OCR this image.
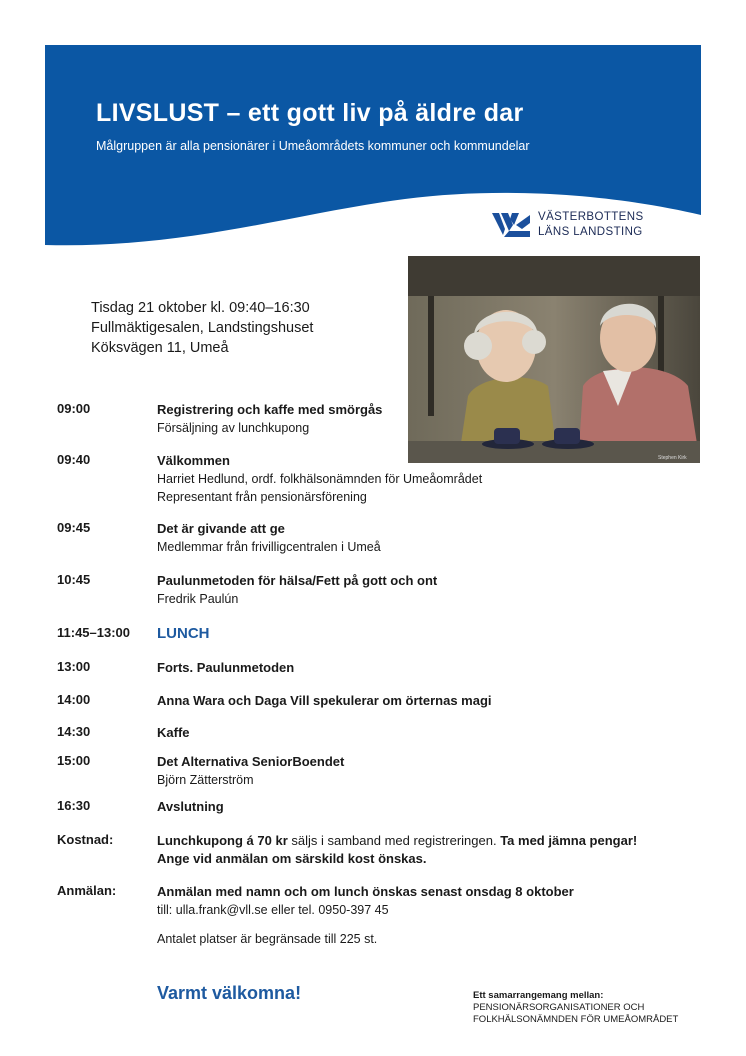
LIVSLUST – ett gott liv på äldre dar
Målgruppen är alla pensionärer i Umeåområdets kommuner och kommundelar
VÄSTERBOTTENS
LÄNS LANDSTING
Stephen Kirk
Tisdag 21 oktober kl. 09:40–16:30
Fullmäktigesalen, Landstingshuset
Köksvägen 11, Umeå
09:00	Registrering och kaffe med smörgås
Försäljning av lunchkupong
09:40	Välkommen
Harriet Hedlund, ordf. folkhälsonämnden för Umeåområdet
Representant från pensionärsförening
09:45	Det är givande att ge
Medlemmar från frivilligcentralen i Umeå
10:45	Paulunmetoden för hälsa/Fett på gott och ont
Fredrik Paulún
11:45–13:00 LUNCH
13:00	Forts. Paulunmetoden
14:00	Anna Wara och Daga Vill spekulerar om örternas magi
14:30	Kaffe
15:00	Det Alternativa SeniorBoendet
Björn Zätterström
16:30	Avslutning
Kostnad:	Lunchkupong á 70 kr säljs i samband med registreringen. Ta med jämna pengar!
Ange vid anmälan om särskild kost önskas.
Anmälan:	Anmälan med namn och om lunch önskas senast onsdag 8 oktober
till: ulla.frank@vll.se eller tel. 0950-397 45
Antalet platser är begränsade till 225 st.
Varmt välkomna!	Ett samarrangemang mellan:
PENSIONÄRSORGANISATIONER OCH
FOLKHÄLSONÄMNDEN FÖR UMEÅOMRÅDET
